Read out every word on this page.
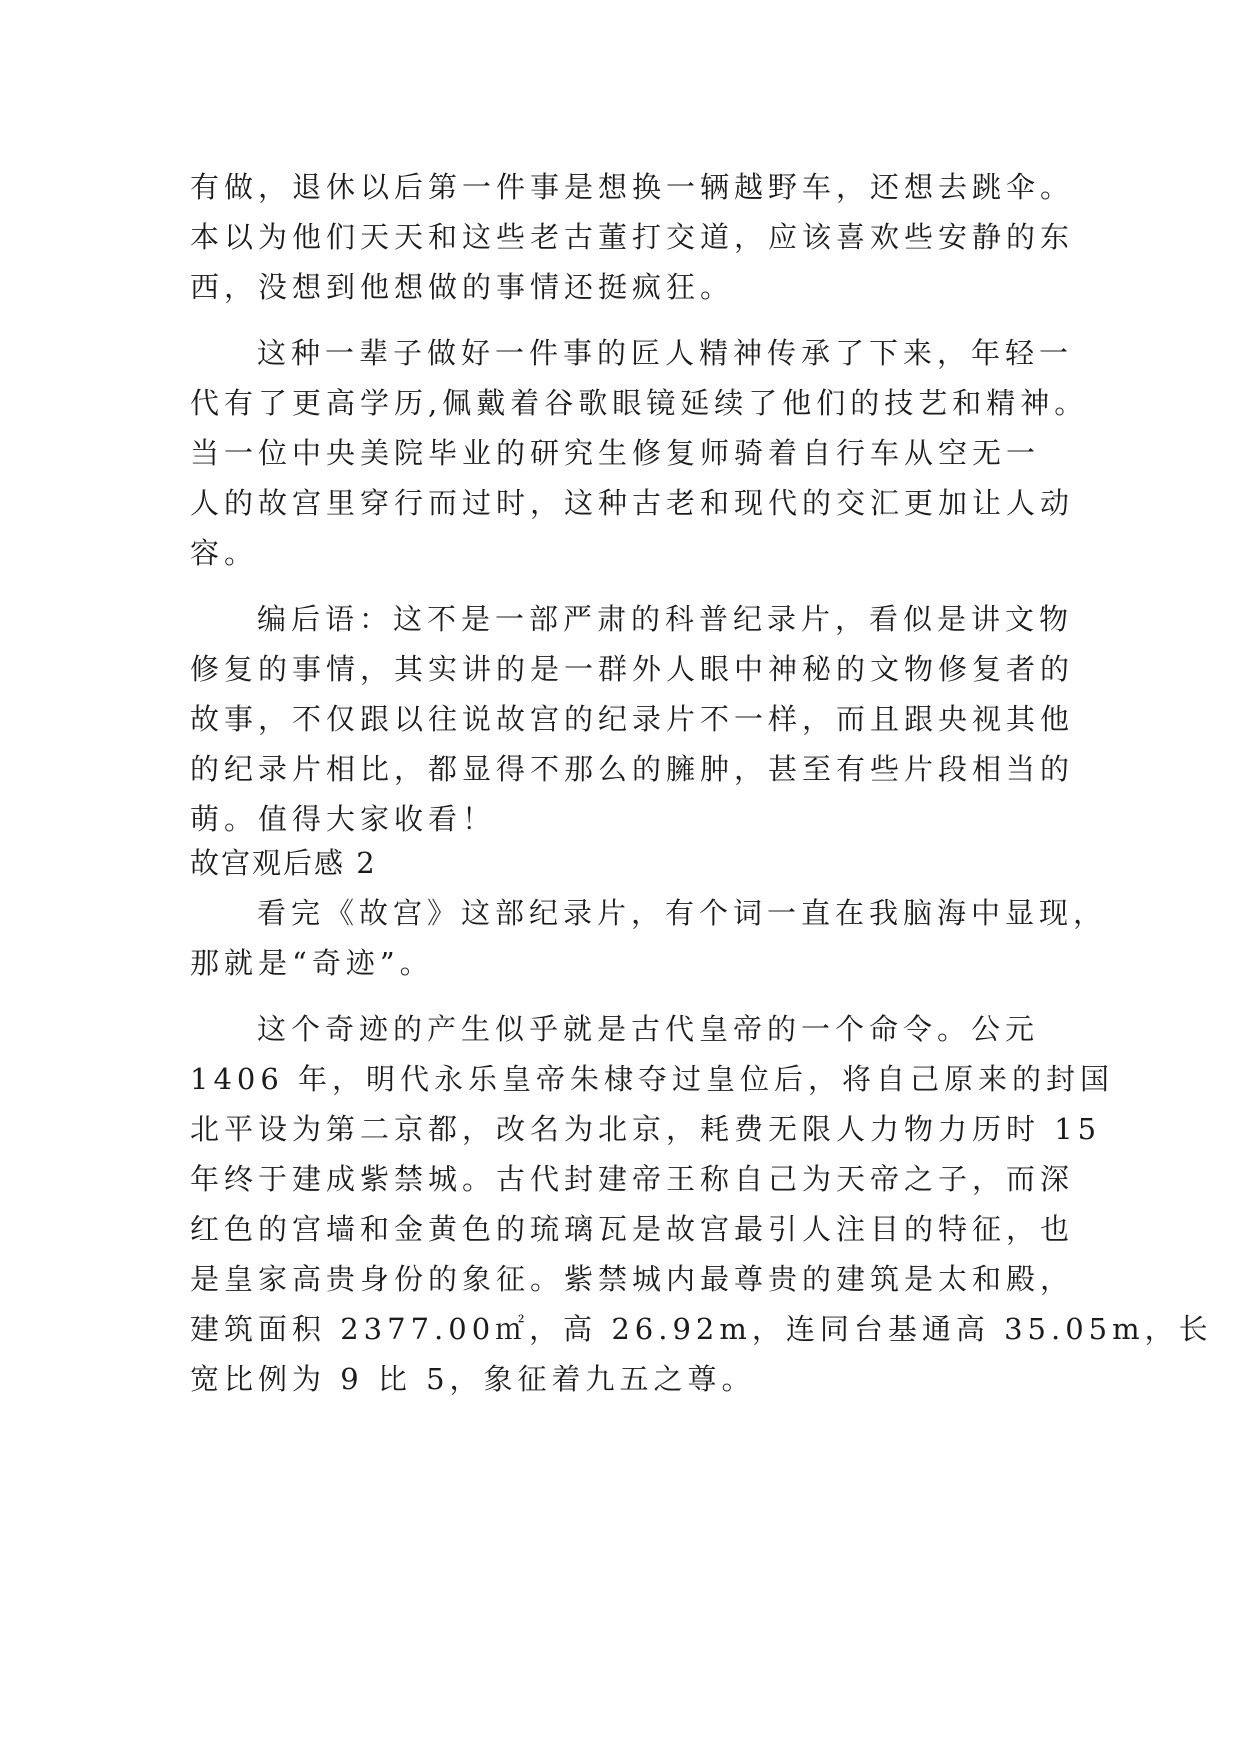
有做，退休以后第一件事是想换一辆越野车，还想去跳伞。
本以为他们天天和这些老古董打交道，应该喜欢些安静的东
西，没想到他想做的事情还挺疯狂。
这种一辈子做好一件事的匠人精神传承了下来，年轻一
代有了更高学历,佩戴着谷歌眼镜延续了他们的技艺和精神。
当一位中央美院毕业的研究生修复师骑着自行车从空无一
人的故宫里穿行而过时，这种古老和现代的交汇更加让人动
容。
编后语：这不是一部严肃的科普纪录片，看似是讲文物
修复的事情，其实讲的是一群外人眼中神秘的文物修复者的
故事，不仅跟以往说故宫的纪录片不一样，而且跟央视其他
的纪录片相比，都显得不那么的臃肿，甚至有些片段相当的
萌。值得大家收看！
故宫观后感 2
看完《故宫》这部纪录片，有个词一直在我脑海中显现，
那就是“奇迹”。
这个奇迹的产生似乎就是古代皇帝的一个命令。公元
1406 年，明代永乐皇帝朱棣夺过皇位后，将自己原来的封国
北平设为第二京都，改名为北京，耗费无限人力物力历时 15
年终于建成紫禁城。古代封建帝王称自己为天帝之子，而深
红色的宫墙和金黄色的琉璃瓦是故宫最引人注目的特征，也
是皇家高贵身份的象征。紫禁城内最尊贵的建筑是太和殿，
建筑面积 2377.00㎡，高 26.92m，连同台基通高 35.05m，长
宽比例为 9 比 5，象征着九五之尊。
